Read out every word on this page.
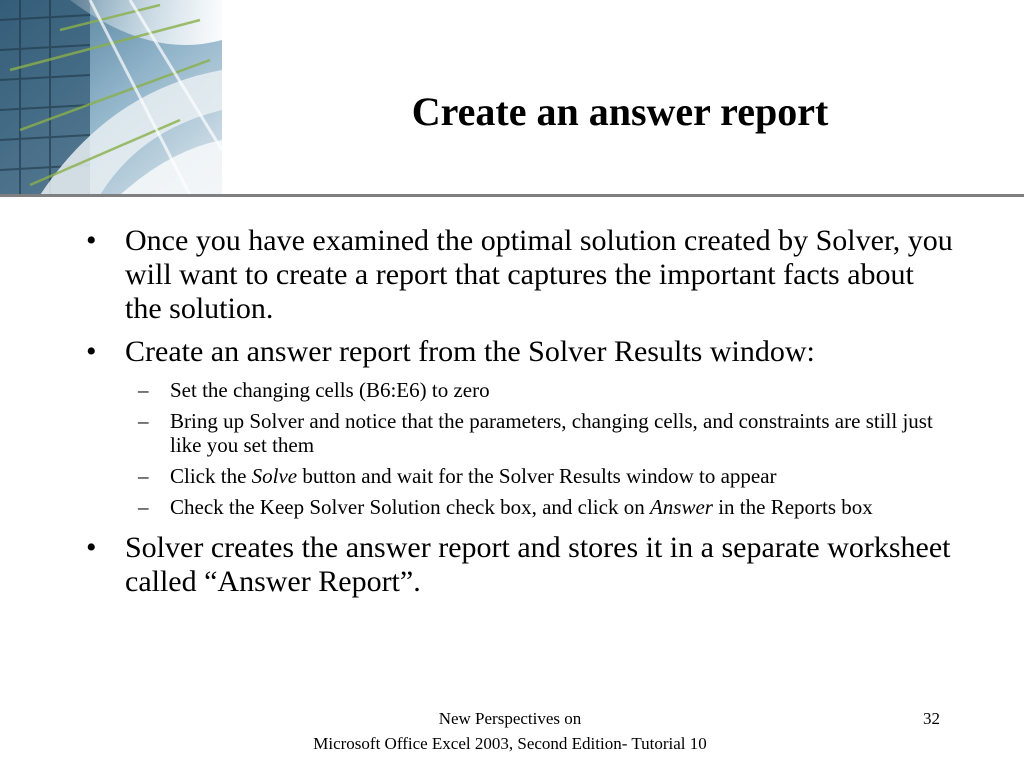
Create an answer report
• Once you have examined the optimal solution created by Solver, you will want to create a report that captures the important facts about the solution.
• Create an answer report from the Solver Results window:
–	Set the changing cells (B6:E6) to zero
–	Bring up Solver and notice that the parameters, changing cells, and constraints are still just like you set them
–	Click the Solve button and wait for the Solver Results window to appear
–	Check the Keep Solver Solution check box, and click on Answer in the Reports box
• Solver creates the answer report and stores it in a separate worksheet called “Answer Report”.
New Perspectives on
Microsoft Office Excel 2003, Second Edition- Tutorial 10
32
